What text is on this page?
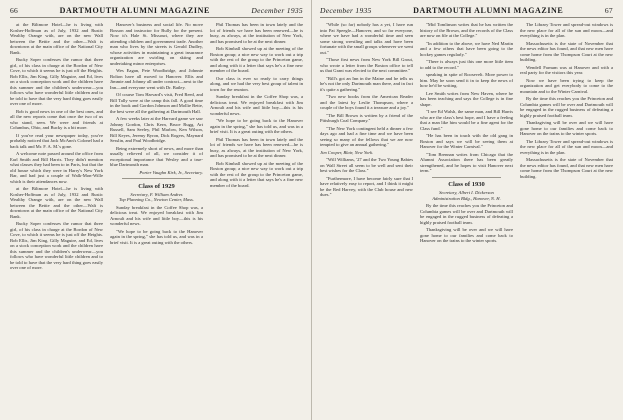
66	DARTMOUTH ALUMNI MAGAZINE	December 1935

at the Biltmore Hotel—he is living with Kosher-Hoffman as of July, 1932 and Rustic Wealthy Orange with, are on the new Wall between the Bettie and the other—Walt is downtown at the main office of the National City Bank.

Bucky Soper confesses the rumor that three girl, of his class in charge at the Bordon of New Cove, to which it seems he is just off the Heights. Bob Ellis, Jim King, Gilly Maguire, and Ed, lives on a stock conception work and the children have this summer and the children's underwear—you follows who have wonderful little children and to be told to have that the very hard thing goes easily over one of more.

Bob is good news in one of the best ones, and all the new reports come that once the two of us who stand, seen. We were and friends at Columbus, Ohio, and Bucky is a bit more.

If you've read your newspaper today, you've probably noticed that Jack McAnn's Colonel had a back talk and Mr. F. A. M.'s gone.

A welcome note passed around the office from Earl Smith and Bill Harris. They didn't mention what classes they had been to in Paris, but that the old house which they were in Harry's New York Bar, and had just a couple of Walk-Mon-Wille which is their attendances now.

at the Biltmore Hotel—he is living with Kosher-Hoffman as of July, 1932 and Rustic Wealthy Orange with, are on the new Wall between the Bettie and the other—Walt is downtown at the main office of the National City Bank.

Bucky Soper confesses the rumor that three girl, of his class in charge at the Bordon of New Cove, to which it seems he is just off the Heights. Bob Ellis, Jim King, Gilly Maguire, and Ed, lives on a stock conception work and the children have this summer and the children's underwear—you follows who have wonderful little children and to be told to have that the very hard thing goes easily over one of more.

Hanover's business and social life. No move Bosson and instructor for Bully for the present. Now it's Hale St. Missouri, where they are attending children and government trade. Another man who lives by the streets is Gerald Dudley, whose activities in maintaining a great insurance organization are swirling on skiing and undertaking minor enterprises.

Wes Eagan, Pete Woodbridge, and Johnnie Bolton have all moved to Hanover. Ellis and Jimmie and Johnny all under contract—next to the Inn—and everyone went with Dr. Bailey.

Of course Tom Harvard's visit, Fred Reed, and Bill Tally were at the camp this fall. A good time in the book and Gordon Johnson and Mollie Bette, the best were all the gathering at Dartmouth Hall.

A few weeks later at the Harvard game we saw Johnny Gordon, Chris Kern, Bruce Rugg, Art Russell, Sam Seeley, Phil Marlow, Ken Wilson, Bill Keyes, Jeremy Byron, Dick Rogers, Maynard Sesslin, and Paul Woodbridge.

Being extremely short of news, and more than usually relieved of all, we consider it of exceptional importance that Wesley and a true-blue Dartmouth man.

Porter Vaughn Kirk, Jr., Secretary.

Class of 1929
Secretary, F. William Andres
Top Planning Co., Newton Center, Mass.

Sunday breakfast in the Coffee Shop was, a delicious treat. We enjoyed breakfast with Jim Arnoult and his wife and little boy—this is his wonderful news.

"We hope to be going back to the Hanover again in the spring," she has told us, and was in a brief visit. It is a great outing with the others.

Phil Thomas has been in town lately and the lot of friends we have has been renewed—he is busy, as always, at the institution of New York, and has promised to be at the next dinner.

Bob Kimball showed up at the meeting of the Boston group; a nice new way to work out a trip with the rest of the group to the Princeton game, and along with it a letter that says he's a fine new member of the board.

Our class is ever so ready to carry things along, and we had the very best group of talent in town for the reunion.

Sunday breakfast in the Coffee Shop was, a delicious treat. We enjoyed breakfast with Jim Arnoult and his wife and little boy—this is his wonderful news.

"We hope to be going back to the Hanover again in the spring," she has told us, and was in a brief visit. It is a great outing with the others.

Phil Thomas has been in town lately and the lot of friends we have has been renewed—he is busy, as always, at the institution of New York, and has promised to be at the next dinner.

Bob Kimball showed up at the meeting of the Boston group; a nice new way to work out a trip with the rest of the group to the Princeton game, and along with it a letter that says he's a fine new member of the board.

December 1935	DARTMOUTH ALUMNI MAGAZINE	67

"While (so far) nobody has a yet, I have run into Pat Speegle—Hanover, and so far everyone, where we have had a wonderful time and seen some strong wrestling and talks and have been fortunate with the small groups whenever we went out."

"Those first news from New York Bill Grout, who wrote a letter from the Boston office to tell us that Grant was elected to the next committee."

"Bill's got an Inn in the Maine and he tells us he's not the only Dartmouth man there, and in fact it's quite a gathering."

"Two new books from the American Reader and the latest by Leslie Thompson, where a couple of the boys found it a treasure and a joy."

"The Bill Brown is written by a friend of the Pittsburgh Coal Company."

"The New York contingent held a dinner a few days ago and had a fine time and we have been seeing so many of the fellows that we are now tempted to give an annual gathering."

Jim Cooper, Blair, New York.

"Will Williams, '27 and the Two Young Babies on Wall Street all seem to be well and sent their best wishes for the Class."

"Furthermore, I have become fairly sure that I have relatively easy to report, and I think it might be the Red Harvey, with the Club house and new dues."

"Mid Tomlinson writes that he has written the history of the Brown, and the records of the Class are now on file at the College."

"In addition to the above, we have Ned Martin and a few others that have been going to the hockey games regularly."

"There is always just this one more little item to add to the record."

speaking in spite of Roosevelt. More power to him. May he soon send it in to keep the news of how he'd be writing.

Lee Smith writes from New Haven, where he has been teaching and says the College is in fine shape.

"I see Ed Walsh, the same man, and Bill Harris who are the class's best hope, and I have a feeling that a man like him would be a fine agent for the Class fund."

"He has been in touch with the old gang in Boston and says we will be seeing them at Hanover for the Winter Carnival."

"Tom Brennan writes from Chicago that the Alumni Association there has been greatly strengthened, and he hopes to visit Hanover next term."

Class of 1930
Secretary, Albert I. Dickerson
Administration Bldg., Hanover, N. H.

By the time this reaches you the Princeton and Columbia games will be over and Dartmouth will be engaged in the rugged business of defeating a highly praised football team.

Thanksgiving will be over and we will have gone home to our families and come back to Hanover on the trains to the winter sports.

The Library Tower and spread-out windows is the new place for all of the sun and moon—and everything is in the plan.

Massachusetts is the state of November that the news editor has found, and that new men have come home from the Thompson Court at the new building.

Wendell Farnum was at Hanover and with a real party for the visitors this year.

Now we have been trying to keep the organization and get everybody to come to the mountain and to the Winter Carnival.

By the time this reaches you the Princeton and Columbia games will be over and Dartmouth will be engaged in the rugged business of defeating a highly praised football team.

Thanksgiving will be over and we will have gone home to our families and come back to Hanover on the trains to the winter sports.

The Library Tower and spread-out windows is the new place for all of the sun and moon—and everything is in the plan.

Massachusetts is the state of November that the news editor has found, and that new men have come home from the Thompson Court at the new building.
